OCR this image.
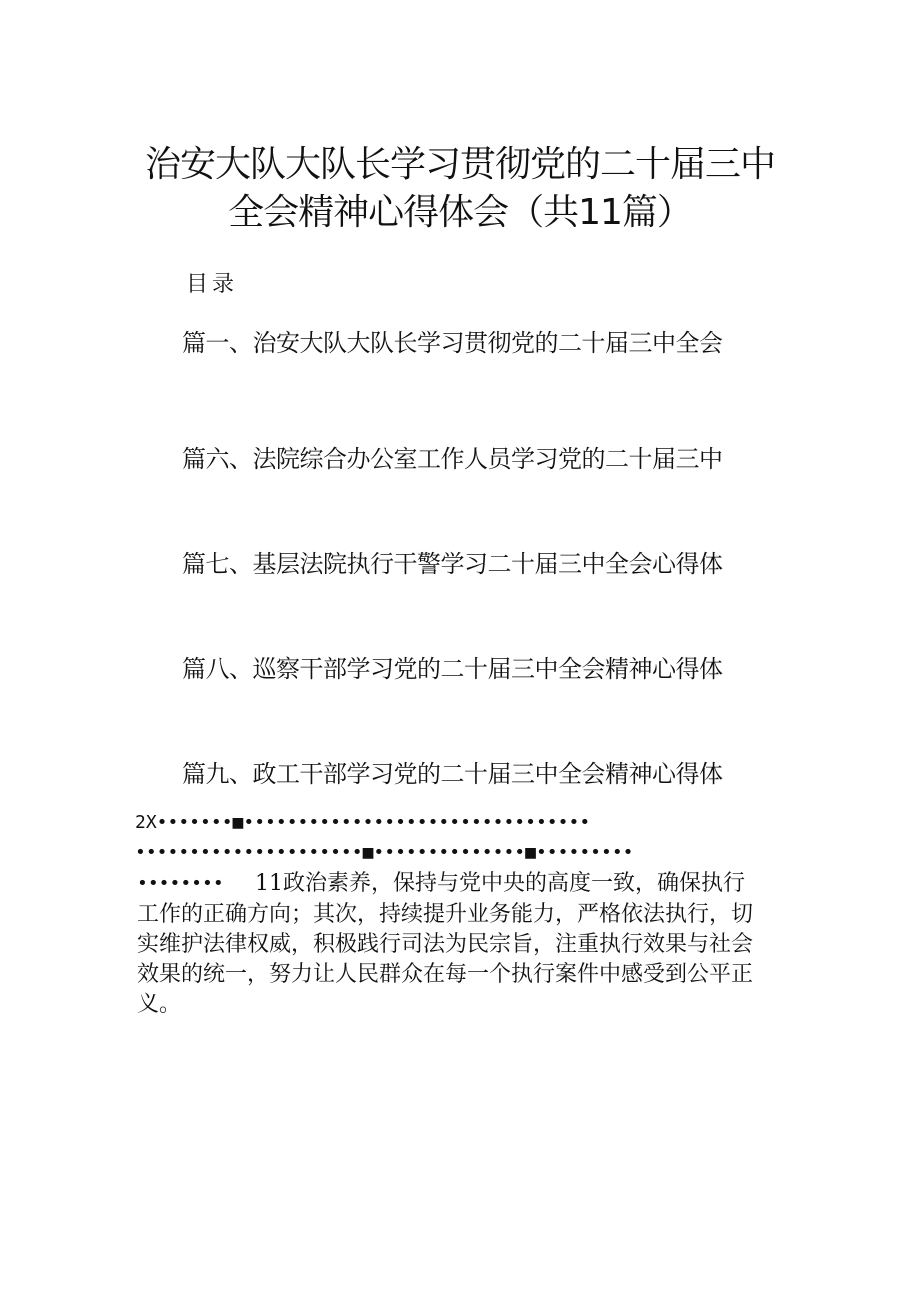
治安大队大队长学习贯彻党的二十届三中
全会精神心得体会（共11篇）
目录
篇一、治安大队大队长学习贯彻党的二十届三中全会
篇六、法院综合办公室工作人员学习党的二十届三中
篇七、基层法院执行干警学习二十届三中全会心得体
篇八、巡察干部学习党的二十届三中全会精神心得体
篇九、政工干部学习党的二十届三中全会精神心得体
2X•••••••■••••••••••••••••••••••••••••••••
•••••••••••••••••••••■••••••••••••••■•••••••••
•••••••• 11政治素养，保持与党中央的高度一致，确保执行
工作的正确方向；其次，持续提升业务能力，严格依法执行，切
实维护法律权威，积极践行司法为民宗旨，注重执行效果与社会
效果的统一，努力让人民群众在每一个执行案件中感受到公平正
义。
